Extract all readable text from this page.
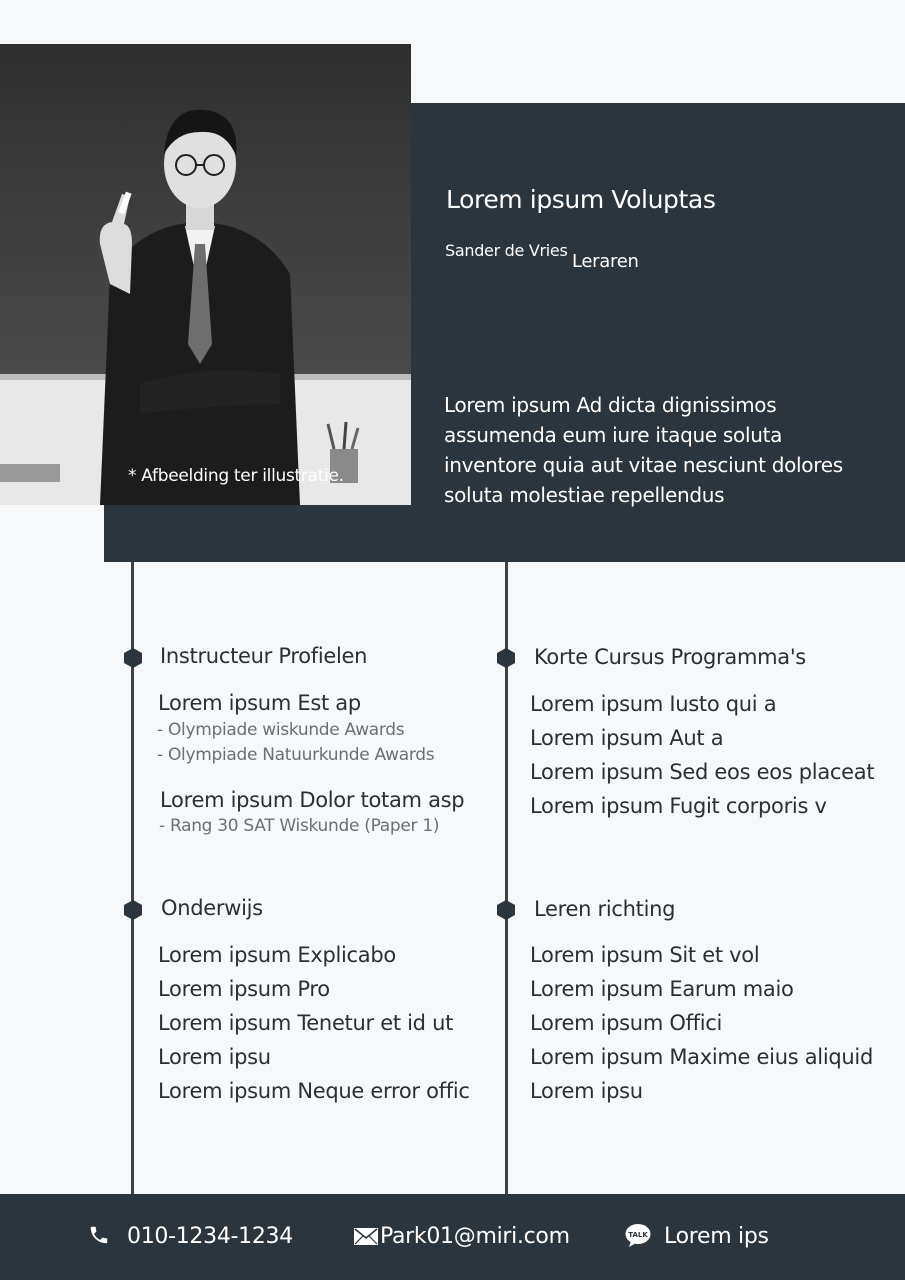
* Afbeelding ter illustratie.
Lorem ipsum Voluptas
Sander de Vries
Leraren
Lorem ipsum Ad dicta dignissimos assumenda eum iure itaque soluta inventore quia aut vitae nesciunt dolores soluta molestiae repellendus
Instructeur Profielen
Lorem ipsum Est ap
- Olympiade wiskunde Awards
- Olympiade Natuurkunde Awards
Lorem ipsum Dolor totam asp
- Rang 30 SAT Wiskunde (Paper 1)
Korte Cursus Programma's
Lorem ipsum Iusto qui a
Lorem ipsum Aut a
Lorem ipsum Sed eos eos placeat
Lorem ipsum Fugit corporis v
Onderwijs
Lorem ipsum Explicabo
Lorem ipsum Pro
Lorem ipsum Tenetur et id ut
Lorem ipsu
Lorem ipsum Neque error offic
Leren richting
Lorem ipsum Sit et vol
Lorem ipsum Earum maio
Lorem ipsum Offici
Lorem ipsum Maxime eius aliquid
Lorem ipsu
010-1234-1234	Park01@miri.com	TALK Lorem ips
